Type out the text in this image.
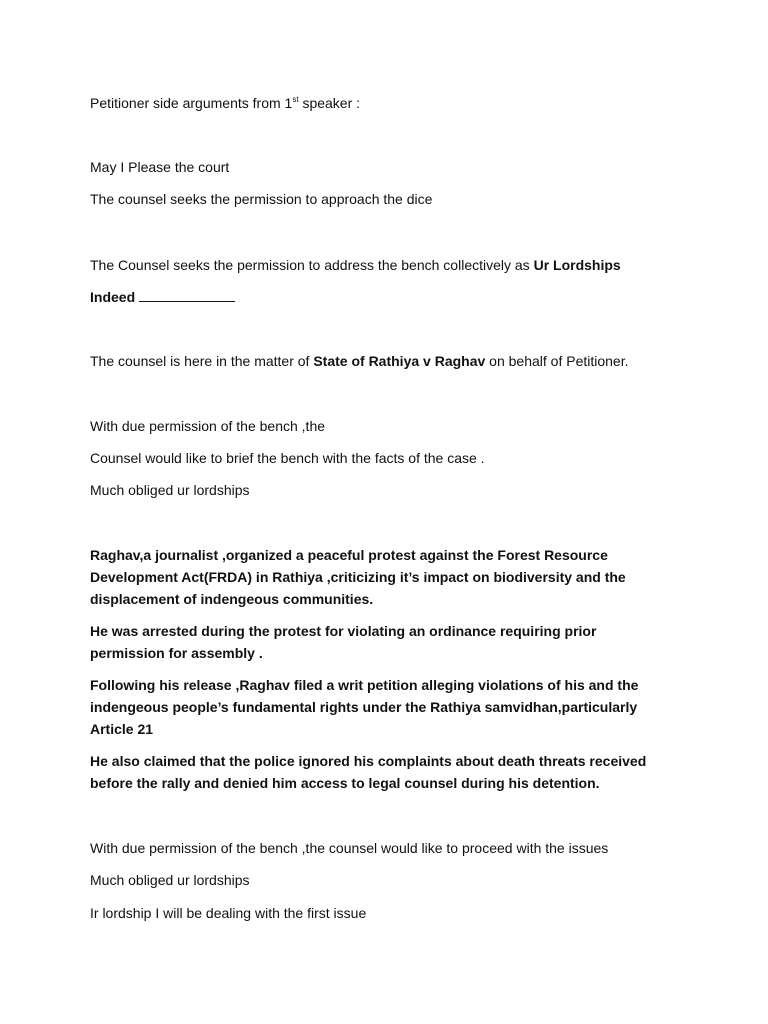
Petitioner side arguments from 1st speaker :

May I Please the court

The counsel seeks the permission to approach the dice

The Counsel seeks the permission to address the bench collectively as Ur Lordships

Indeed

The counsel is here in the matter of State of Rathiya v Raghav on behalf of Petitioner.

With due permission of the bench ,the

Counsel would like to brief the bench with the facts of the case .

Much obliged ur lordships

Raghav,a journalist ,organized a peaceful protest against the Forest Resource Development Act(FRDA) in Rathiya ,criticizing it’s impact on biodiversity and the displacement of indengeous communities.

He was arrested during the protest for violating an ordinance requiring prior permission for assembly .

Following his release ,Raghav filed a writ petition alleging violations of his and the indengeous people’s fundamental rights under the Rathiya samvidhan,particularly Article 21

He also claimed that the police ignored his complaints about death threats received before the rally and denied him access to legal counsel during his detention.

With due permission of the bench ,the counsel would like to proceed with the issues

Much obliged ur lordships

Ir lordship I will be dealing with the first issue
